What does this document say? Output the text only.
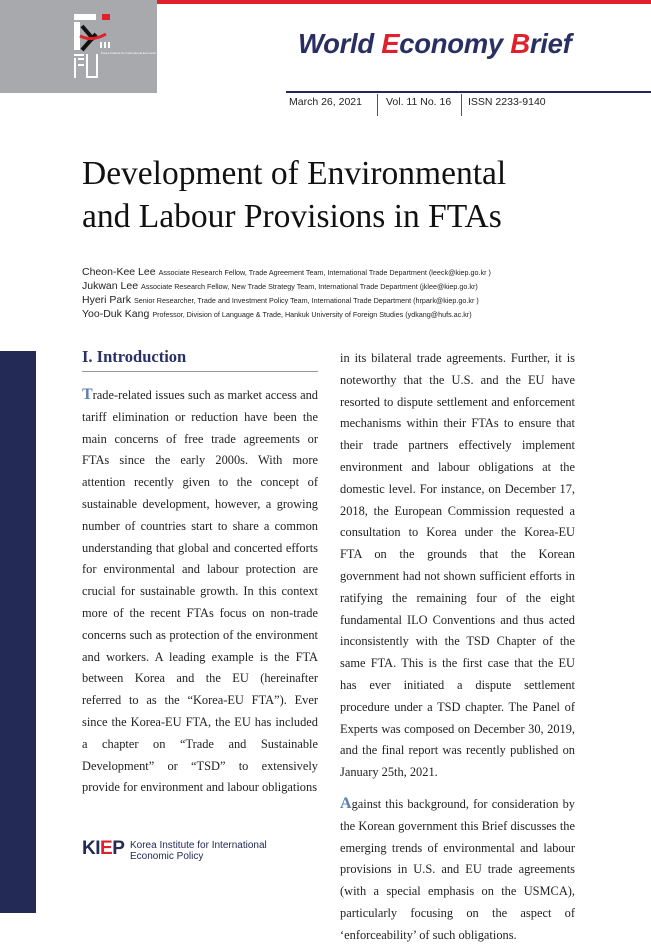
Korea Institute for International Economic Policy	World Economy Brief
March 26, 2021 Vol. 11 No. 16 ISSN 2233-9140
Development of Environmental
and Labour Provisions in FTAs
Cheon-Kee Lee Associate Research Fellow, Trade Agreement Team, International Trade Department (leeck@kiep.go.kr )
Jukwan Lee Associate Research Fellow, New Trade Strategy Team, International Trade Department (jklee@kiep.go.kr)
Hyeri Park Senior Researcher, Trade and Investment Policy Team, International Trade Department (hrpark@kiep.go.kr )
Yoo-Duk Kang Professor, Division of Language & Trade, Hankuk University of Foreign Studies (ydkang@hufs.ac.kr)
I. Introduction

Trade-related issues such as market access and tariff elimination or reduction have been the main concerns of free trade agreements or FTAs since the early 2000s. With more attention recently given to the concept of sustainable development, however, a growing number of countries start to share a common understanding that global and concerted efforts for environmental and labour protection are crucial for sustainable growth. In this context more of the recent FTAs focus on non-trade concerns such as protection of the environment and workers. A leading example is the FTA between Korea and the EU (hereinafter referred to as the “Korea-EU FTA”). Ever since the Korea-EU FTA, the EU has included a chapter on “Trade and Sustainable Development” or “TSD” to extensively provide for environment and labour obligations

in its bilateral trade agreements. Further, it is noteworthy that the U.S. and the EU have resorted to dispute settlement and enforcement mechanisms within their FTAs to ensure that their trade partners effectively implement environment and labour obligations at the domestic level. For instance, on December 17, 2018, the European Commission requested a consultation to Korea under the Korea-EU FTA on the grounds that the Korean government had not shown sufficient efforts in ratifying the remaining four of the eight fundamental ILO Conventions and thus acted inconsistently with the TSD Chapter of the same FTA. This is the first case that the EU has ever initiated a dispute settlement procedure under a TSD chapter. The Panel of Experts was composed on December 30, 2019, and the final report was recently published on January 25th, 2021.

Against this background, for consideration by the Korean government this Brief discusses the emerging trends of environmental and labour provisions in U.S. and EU trade agreements (with a special emphasis on the USMCA), particularly focusing on the aspect of ‘enforceability’ of such obligations.

KIEP Korea Institute for International
Economic Policy
